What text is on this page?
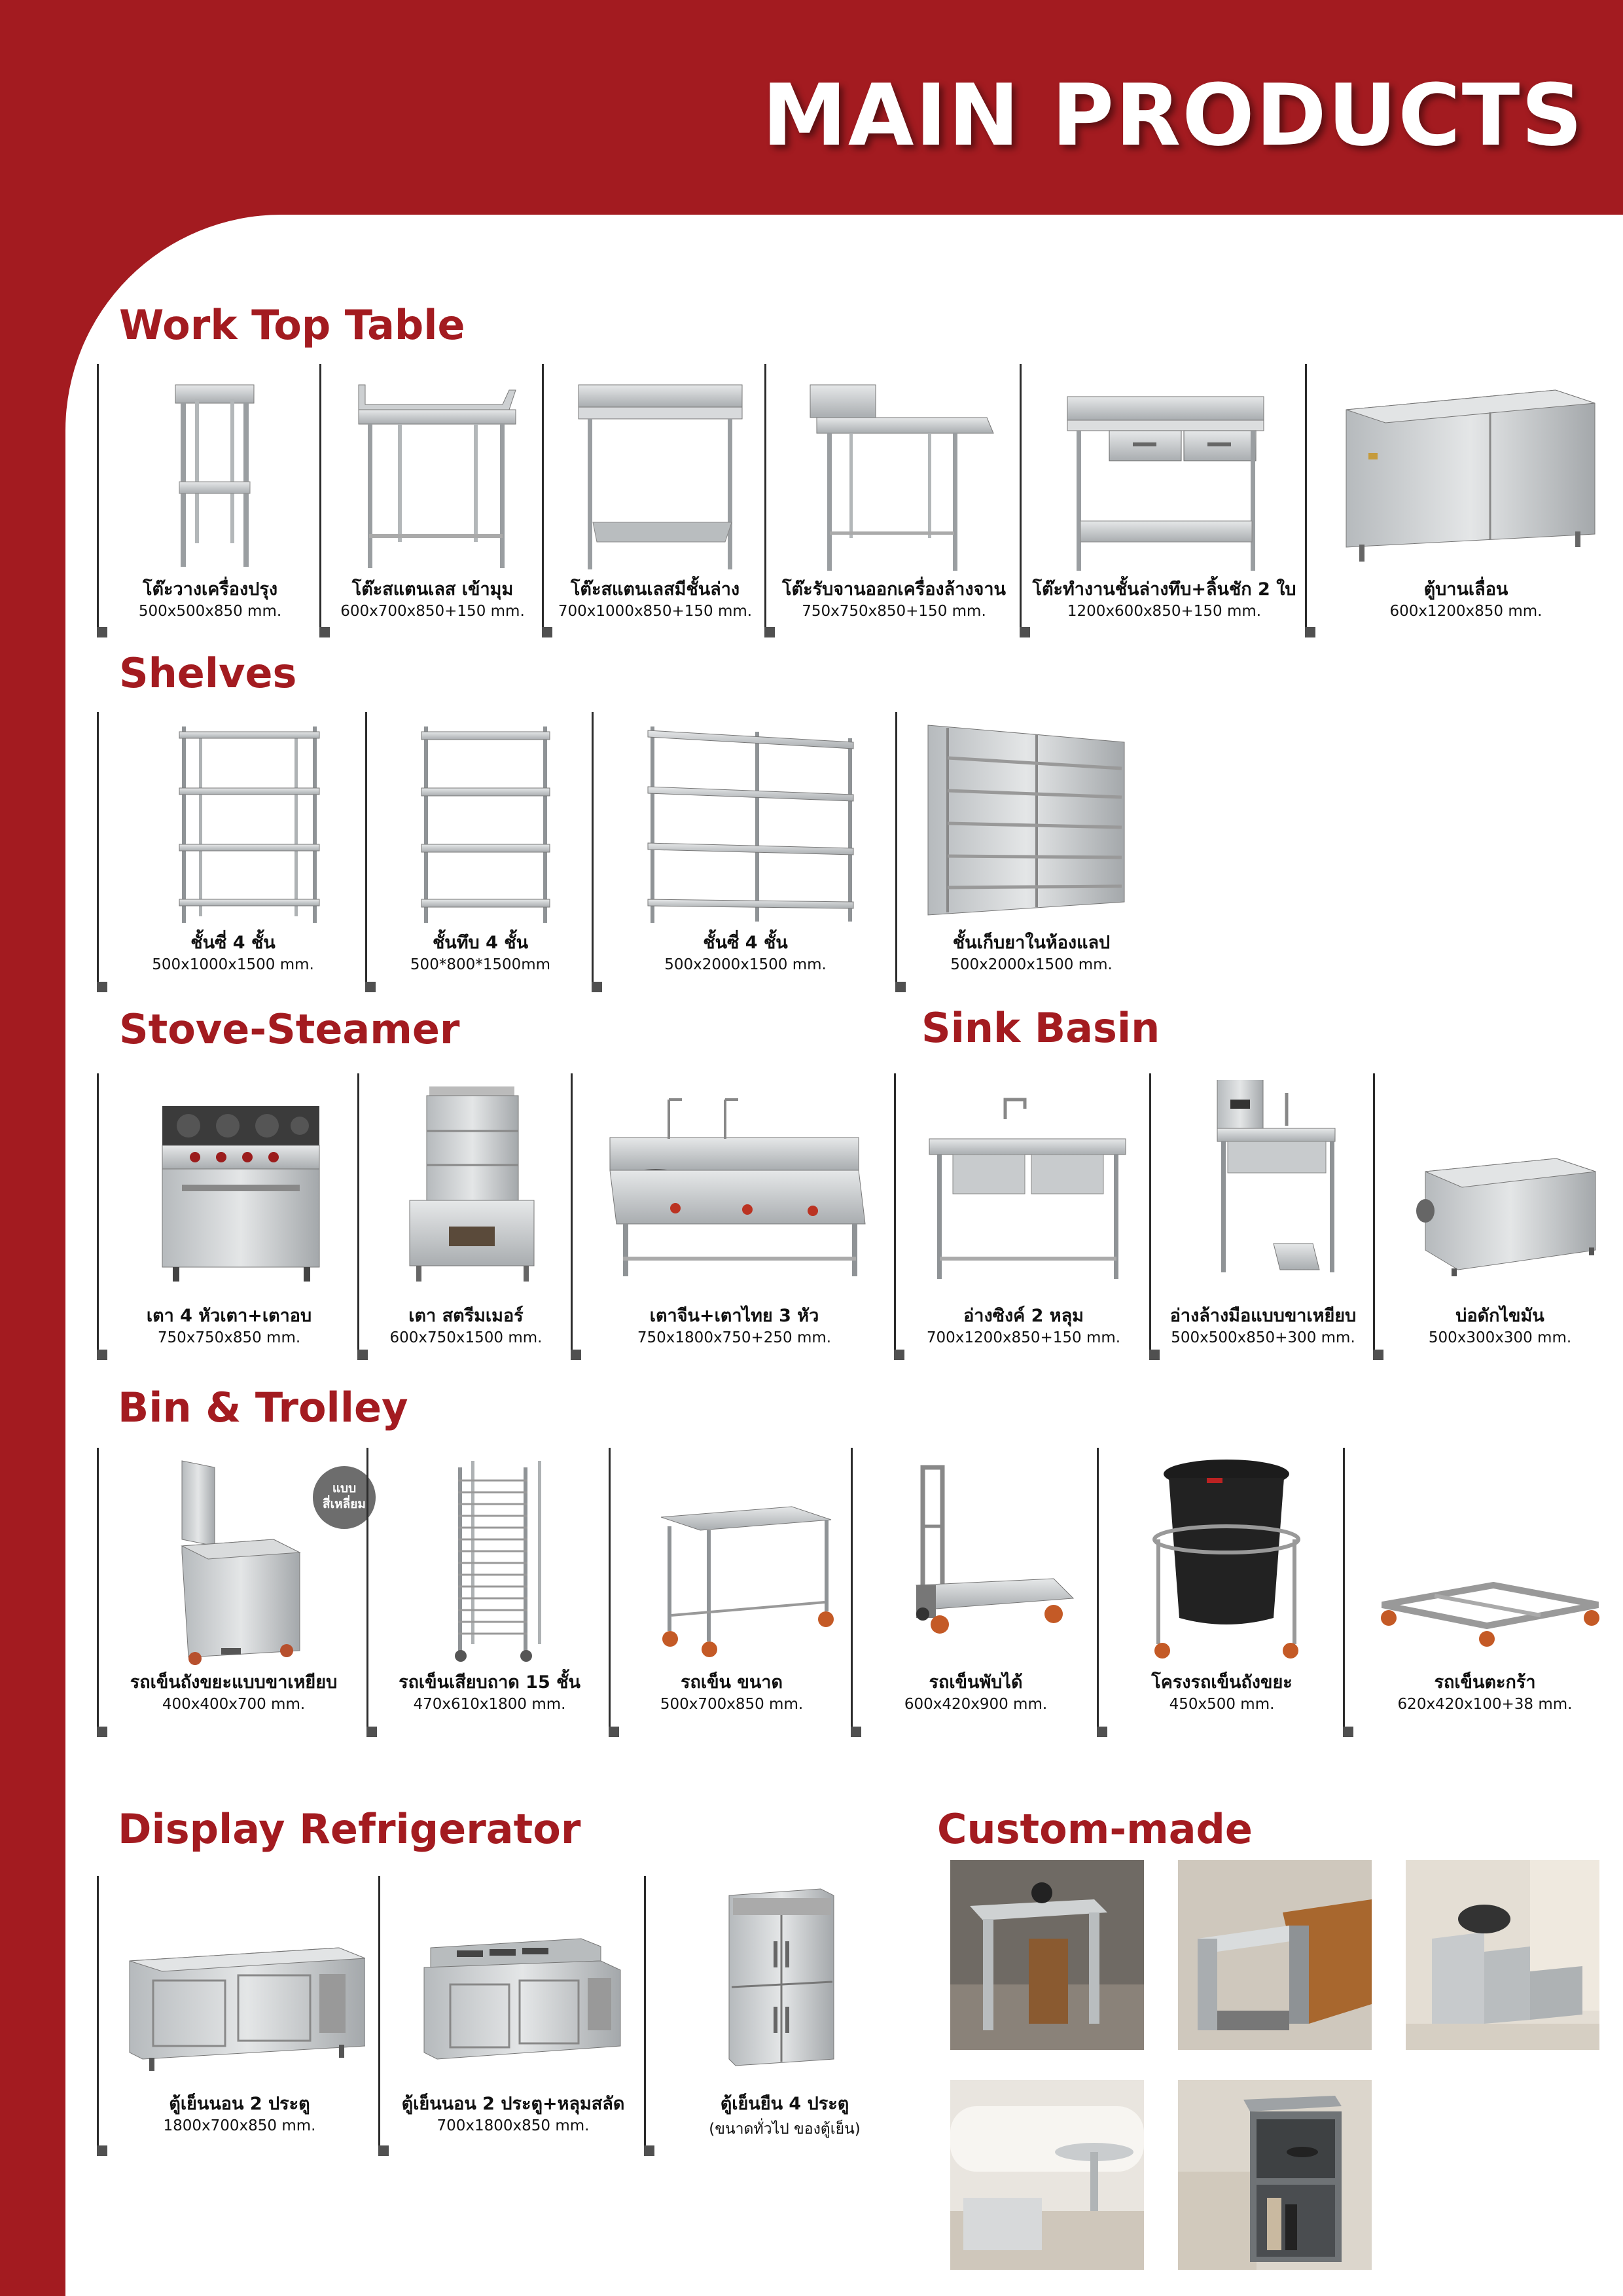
MAIN PRODUCTS
Work Top Table
โต๊ะวางเครื่องปรุง
500x500x850 mm.
โต๊ะสแตนเลส เข้ามุม
600x700x850+150 mm.
โต๊ะสแตนเลสมีชั้นล่าง
700x1000x850+150 mm.
โต๊ะรับจานออกเครื่องล้างจาน
750x750x850+150 mm.
โต๊ะทำงานชั้นล่างทึบ+ลิ้นชัก 2 ใบ
1200x600x850+150 mm.
ตู้บานเลื่อน
600x1200x850 mm.
Shelves
ชั้นซี่ 4 ชั้น
500x1000x1500 mm.
ชั้นทึบ 4 ชั้น
500*800*1500mm
ชั้นซี่ 4 ชั้น
500x2000x1500 mm.
ชั้นเก็บยาในห้องแลป
500x2000x1500 mm.
Stove-Steamer
เตา 4 หัวเตา+เตาอบ
750x750x850 mm.
เตา สตรีมเมอร์
600x750x1500 mm.
เตาจีน+เตาไทย 3 หัว
750x1800x750+250 mm.
Sink Basin
อ่างซิงค์ 2 หลุม
700x1200x850+150 mm.
อ่างล้างมือแบบขาเหยียบ
500x500x850+300 mm.
บ่อดักไขมัน
500x300x300 mm.
Bin & Trolley
แบบ
สี่เหลี่ยม
รถเข็นถังขยะแบบขาเหยียบ
400x400x700 mm.
รถเข็นเสียบถาด 15 ชั้น
470x610x1800 mm.
รถเข็น ขนาด
500x700x850 mm.
รถเข็นพับได้
600x420x900 mm.
โครงรถเข็นถังขยะ
450x500 mm.
รถเข็นตะกร้า
620x420x100+38 mm.
Display Refrigerator
ตู้เย็นนอน 2 ประตู
1800x700x850 mm.
ตู้เย็นนอน 2 ประตู+หลุมสลัด
700x1800x850 mm.
ตู้เย็นยืน 4 ประตู
(ขนาดทั่วไป ของตู้เย็น)
Custom-made
